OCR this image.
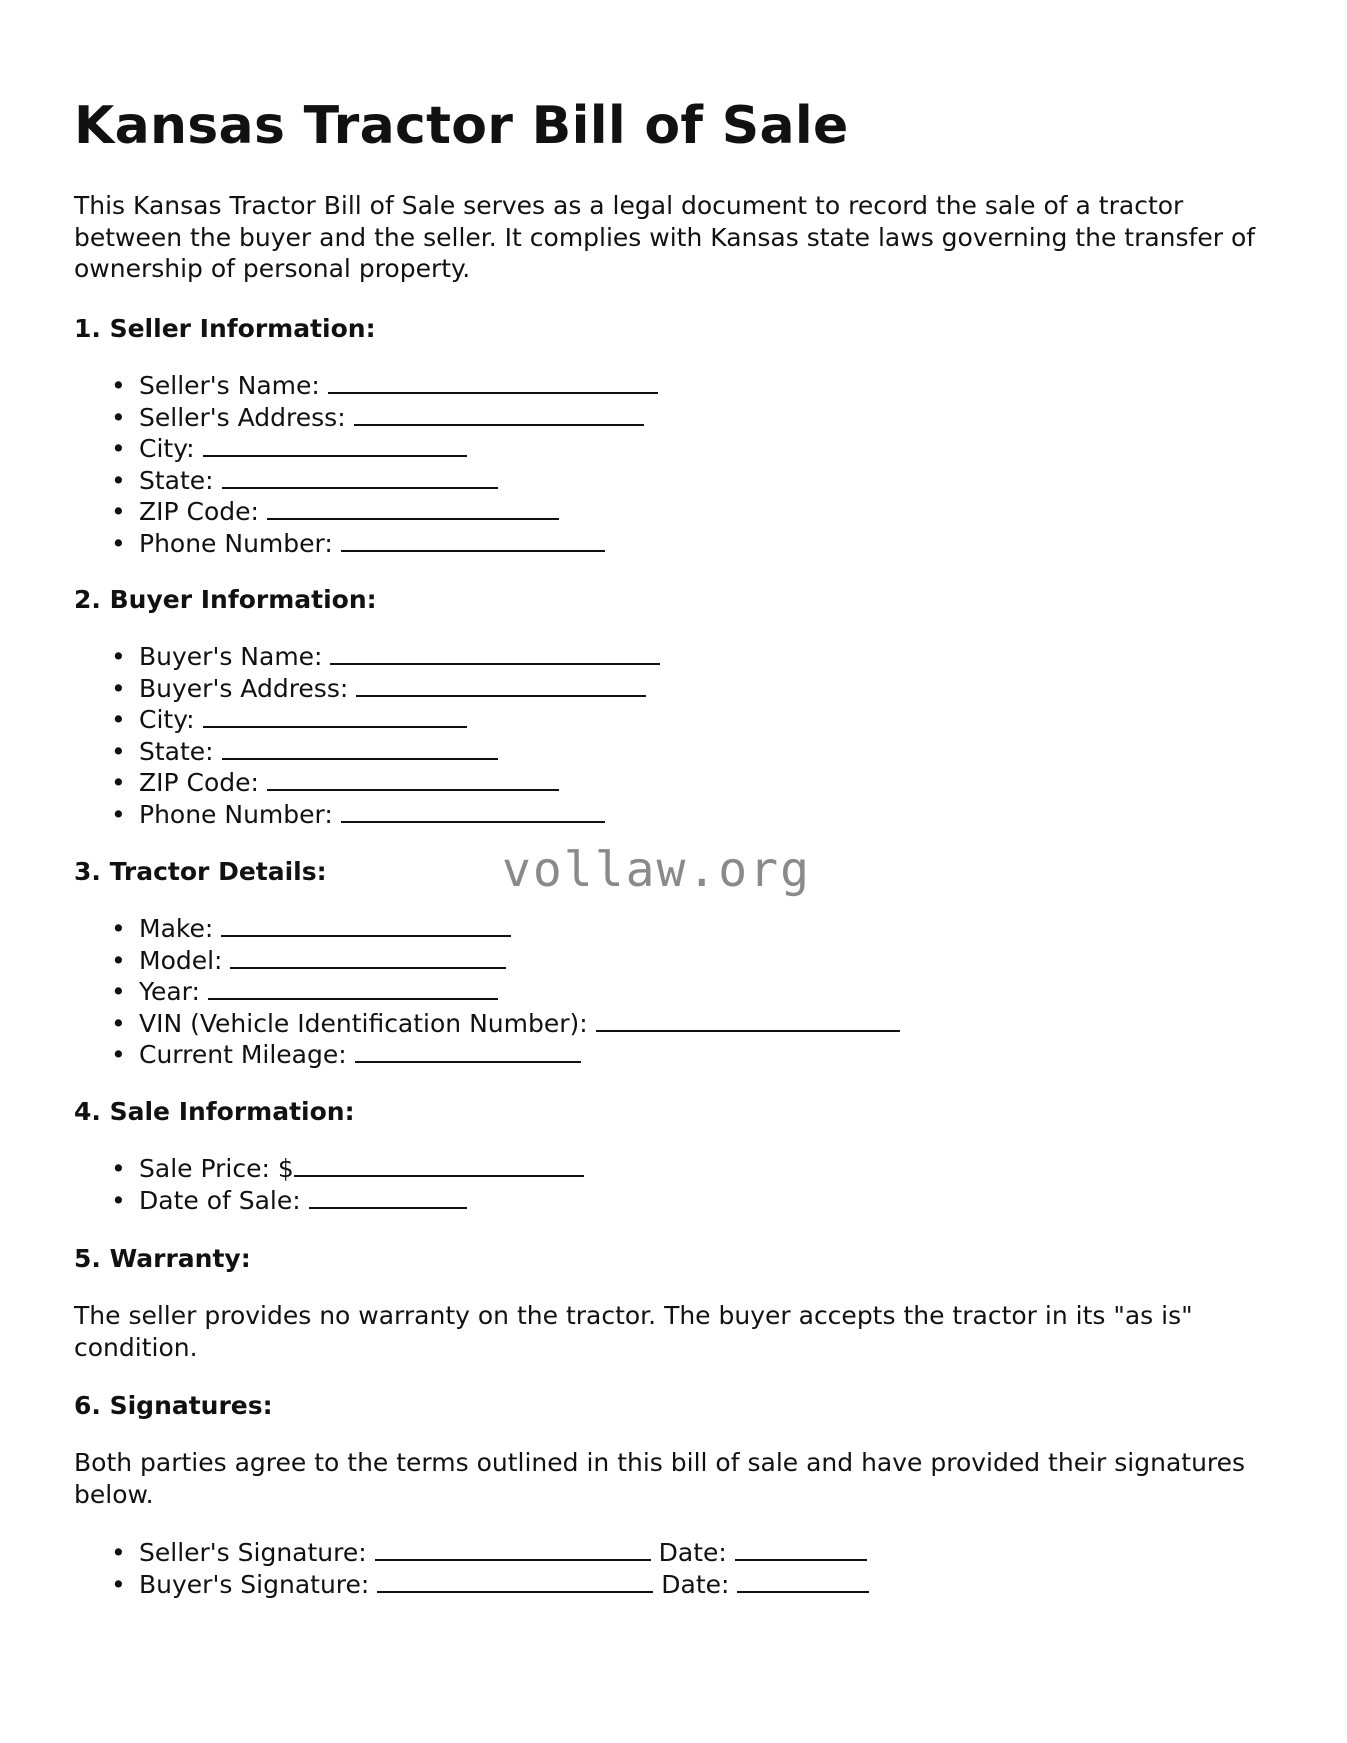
Kansas Tractor Bill of Sale

This Kansas Tractor Bill of Sale serves as a legal document to record the sale of a tractor between the buyer and the seller. It complies with Kansas state laws governing the transfer of ownership of personal property.

1. Seller Information:
• Seller's Name:
• Seller's Address:
• City:
• State:
• ZIP Code:
• Phone Number:
2. Buyer Information:
• Buyer's Name:
• Buyer's Address:
• City:
• State:
• ZIP Code:
• Phone Number:
3. Tractor Details:
• Make:
• Model:
• Year:
• VIN (Vehicle Identification Number):
• Current Mileage:
4. Sale Information:
• Sale Price: $
• Date of Sale:
5. Warranty:

The seller provides no warranty on the tractor. The buyer accepts the tractor in its "as is" condition.

6. Signatures:

Both parties agree to the terms outlined in this bill of sale and have provided their signatures below.

• Seller's Signature:	Date:
• Buyer's Signature:	Date:
vollaw.org
